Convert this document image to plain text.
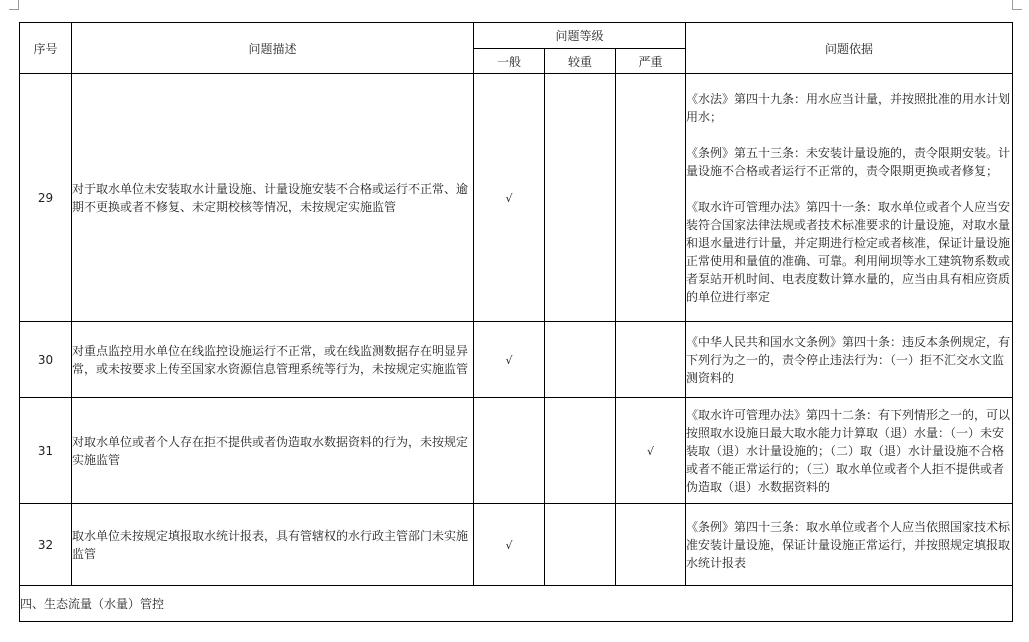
序号	问题描述	问题等级			问题依据
		一般	较重	严重	
29	对于取水单位未安装取水计量设施、计量设施安装不合格或运行不正常、逾期不更换或者不修复、未定期校核等情况，未按规定实施监管	√			《水法》第四十九条：用水应当计量，并按照批准的用水计划用水；

《条例》第五十三条：未安装计量设施的，责令限期安装。计量设施不合格或者运行不正常的，责令限期更换或者修复；

《取水许可管理办法》第四十一条：取水单位或者个人应当安装符合国家法律法规或者技术标准要求的计量设施，对取水量和退水量进行计量，并定期进行检定或者核准，保证计量设施正常使用和量值的准确、可靠。利用闸坝等水工建筑物系数或者泵站开机时间、电表度数计算水量的，应当由具有相应资质的单位进行率定

30	对重点监控用水单位在线监控设施运行不正常，或在线监测数据存在明显异常，或未按要求上传至国家水资源信息管理系统等行为，未按规定实施监管	√			《中华人民共和国水文条例》第四十条：违反本条例规定，有下列行为之一的，责令停止违法行为：（一）拒不汇交水文监测资料的

31	对取水单位或者个人存在拒不提供或者伪造取水数据资料的行为，未按规定实施监管			√	《取水许可管理办法》第四十二条：有下列情形之一的，可以按照取水设施日最大取水能力计算取（退）水量：（一）未安装取（退）水计量设施的；（二）取（退）水计量设施不合格或者不能正常运行的；（三）取水单位或者个人拒不提供或者伪造取（退）水数据资料的

32	取水单位未按规定填报取水统计报表，具有管辖权的水行政主管部门未实施监管	√			《条例》第四十三条：取水单位或者个人应当依照国家技术标准安装计量设施，保证计量设施正常运行，并按照规定填报取水统计报表

四、生态流量（水量）管控					
